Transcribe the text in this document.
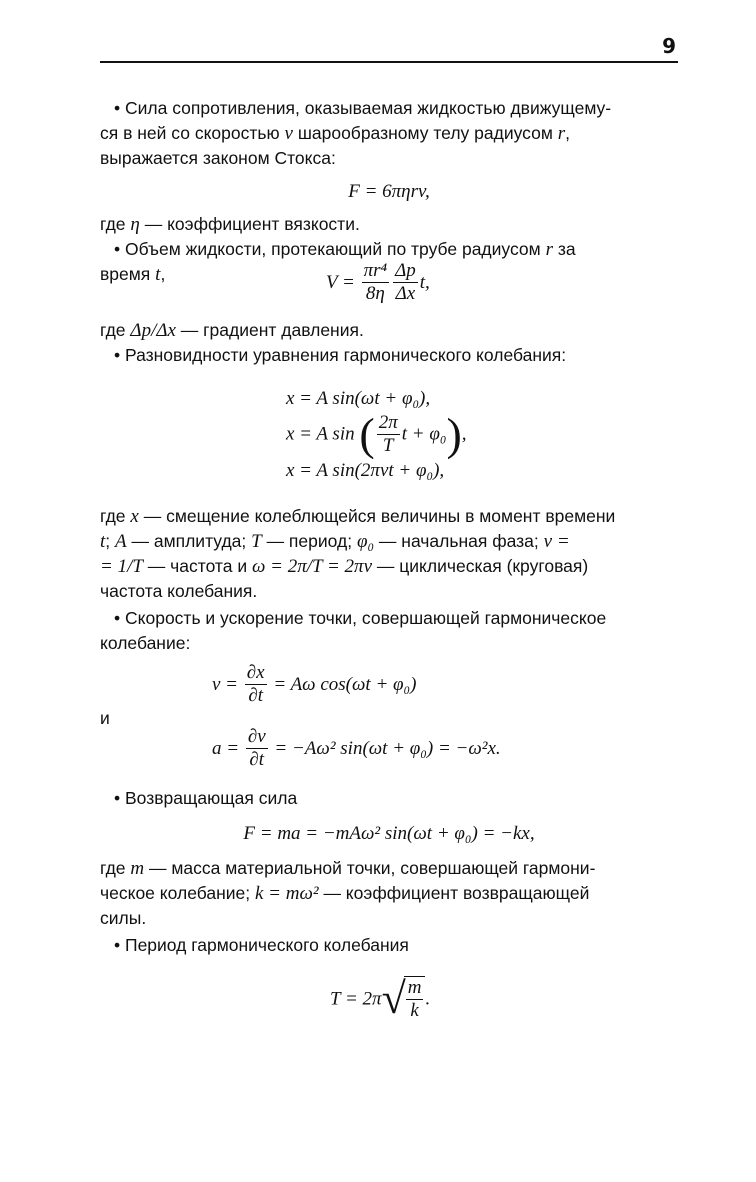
9

• Сила сопротивления, оказываемая жидкостью движущему-

ся в ней со скоростью v шарообразному телу радиусом r,

выражается законом Стокса:

F = 6πηrv,

где η — коэффициент вязкости.

• Объем жидкости, протекающий по трубе радиусом r за

время t,	$V = \frac{\text{πr⁴}}{8\eta} \frac{\Delta p}{\Delta x} t$,

где Δp/Δx — градиент давления.

• Разновидности уравнения гармонического колебания:

x = A sin(ωt + φ₀),
x = A sin ( $\frac{2\pi}{T}$ t + φ₀),
x = A sin(2πνt + φ₀),

где x — смещение колеблющейся величины в момент времени

t; A — амплитуда; T — период; φ₀ — начальная фаза; ν =

= 1/T — частота и ω = 2π/T = 2πν — циклическая (круговая)

частота колебания.

• Скорость и ускорение точки, совершающей гармоническое

колебание:

$v = \frac{\partial x}{\partial t} = A\omega$ cos(ωt + φ₀)

и

$a = \frac{\partial v}{\partial t} = -A\omega^2$ sin(ωt + φ₀) = −ω²x.

• Возвращающая сила

F = ma = −mAω² sin(ωt + φ₀) = −kx,

где m — масса материальной точки, совершающей гармони-

ческое колебание; k = mω² — коэффициент возвращающей

силы.

• Период гармонического колебания

$T = 2\pi√ \frac{m}{k}$ .
